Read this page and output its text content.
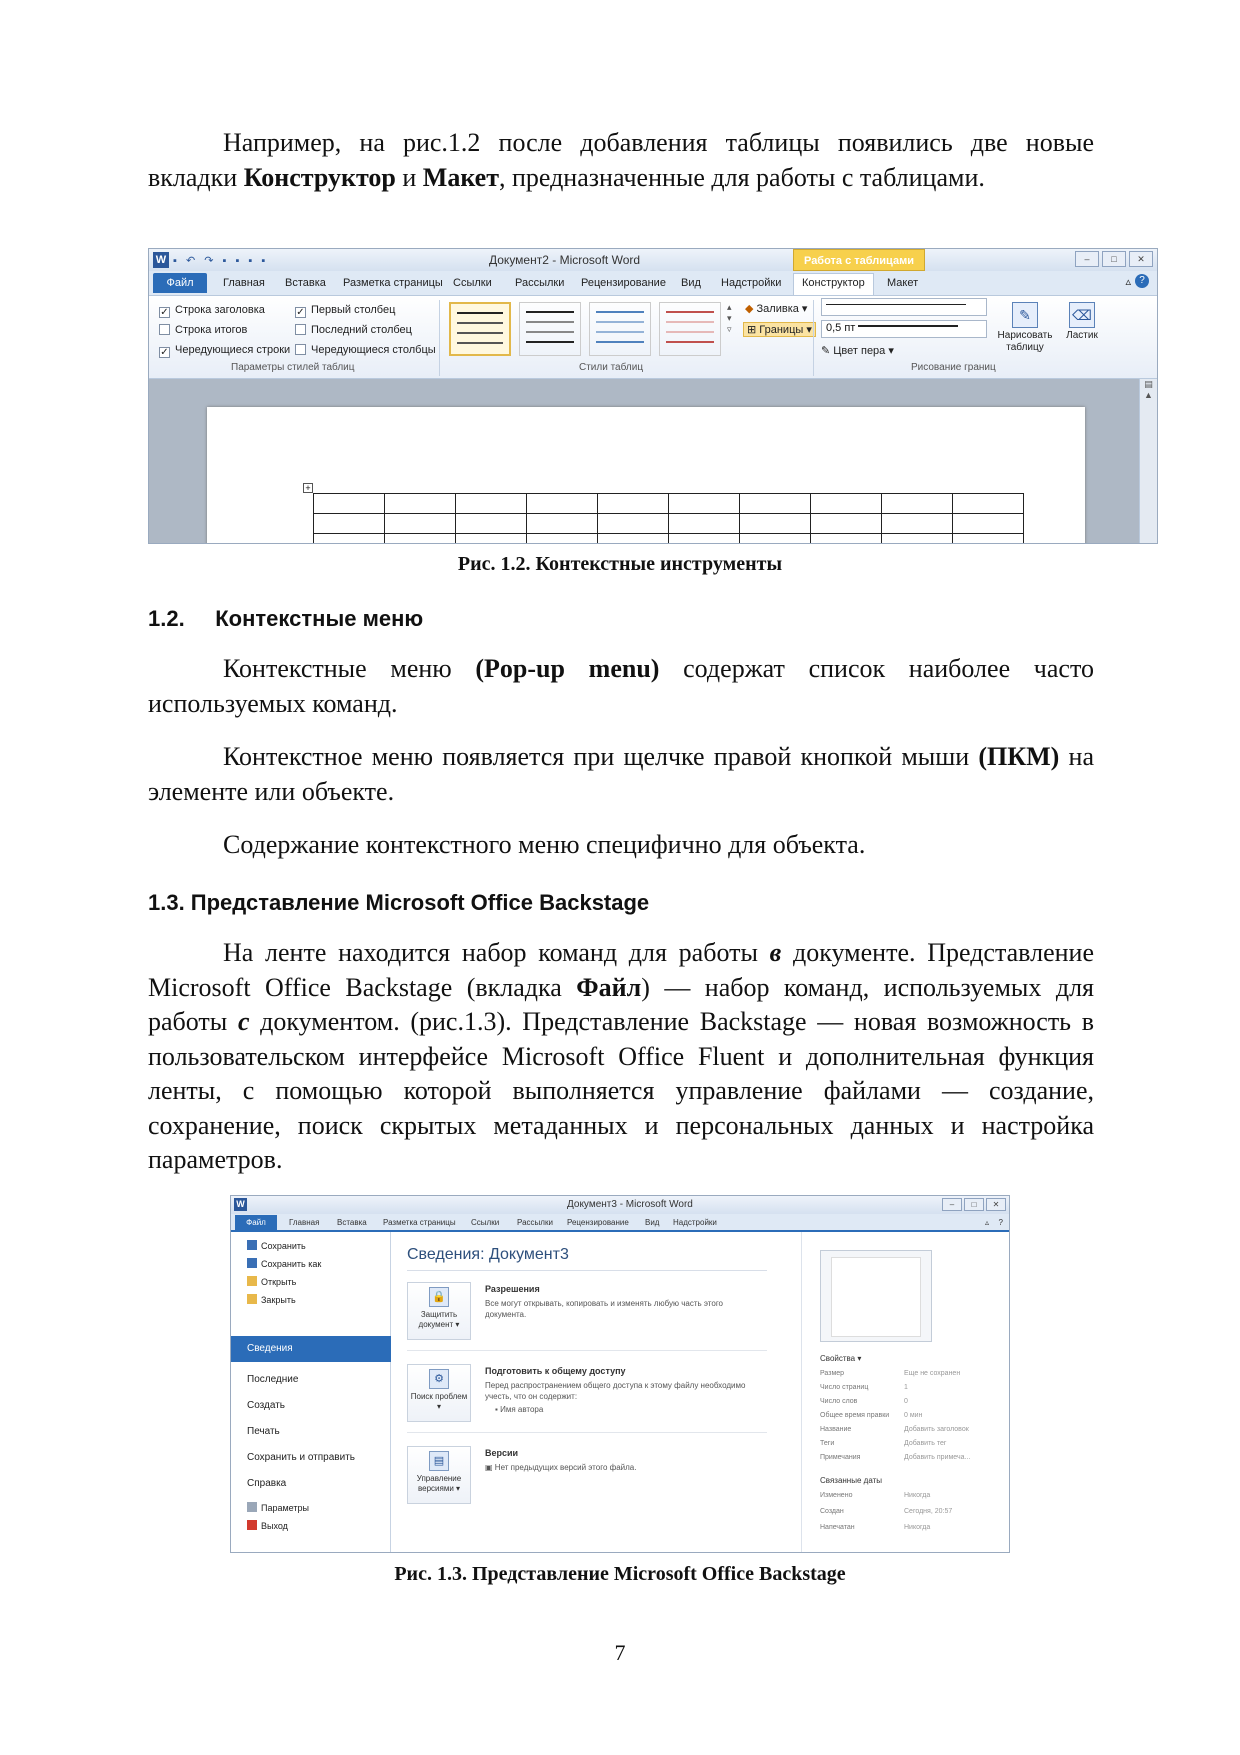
Например, на рис.1.2 после добавления таблицы появились две новые вкладки Конструктор и Макет, предназначенные для работы с таблицами.

W ▪ ↶ ↷ ▪ ▪ ▪ ▪	Документ2 - Microsoft Word	Работа с таблицами	–	□	✕
Файл	Главная Вставка Разметка страницы Ссылки Рассылки Рецензирование Вид Надстройки	Конструктор	Макет	▵ ?
✓ Строка заголовка
Строка итогов
✓ Чередующиеся строки
✓ Первый столбец
Последний столбец
Чередующиеся столбцы
Параметры стилей таблиц
▴
▾
▿
Стили таблиц
◆ Заливка ▾
⊞ Границы ▾	0,5 пт
✎ Цвет пера ▾
Рисование границ
✎
Нарисовать таблицу
⌫
Ластик
+

▤
▲
Рис. 1.2. Контекстные инструменты
1.2.     Контекстные меню

Контекстные меню (Pop-up menu) содержат список наиболее часто используемых команд.

Контекстное меню появляется при щелчке правой кнопкой мыши (ПКМ) на элементе или объекте.

Содержание контекстного меню специфично для объекта.

1.3. Представление Microsoft Office Backstage

На ленте находится набор команд для работы в документе. Представление Microsoft Office Backstage (вкладка Файл) — набор команд, используемых для работы с документом. (рис.1.3). Представление Backstage — новая возможность в пользовательском интерфейсе Microsoft Office Fluent и дополнительная функция ленты, с помощью которой выполняется управление файлами — создание, сохранение, поиск скрытых метаданных и персональных данных и настройка параметров.

W	Документ3 - Microsoft Word	–	□	✕
Файл	Главная Вставка Разметка страницы Ссылки Рассылки Рецензирование Вид Надстройки	▵ ?
Сохранить
Сохранить как
Открыть
Закрыть
Сведения
Последние
Создать
Печать
Сохранить и отправить
Справка
Параметры
Выход
Сведения: Документ3
🔒
Защитить документ ▾
Разрешения
Все могут открывать, копировать и изменять любую часть этого документа.
⚙
Поиск проблем ▾
Подготовить к общему доступу
Перед распространением общего доступа к этому файлу необходимо учесть, что он содержит:
▪ Имя автора
▤
Управление версиями ▾
Версии
▣ Нет предыдущих версий этого файла.
Свойства ▾
Размер	Еще не сохранен
Число страниц	1
Число слов	0
Общее время правки 0 мин
Название	Добавить заголовок
Теги	Добавить тег
Примечания	Добавить примеча...
Связанные даты
Изменено	Никогда
Создан	Сегодня, 20:57
Напечатан	Никогда
Рис. 1.3. Представление Microsoft Office Backstage
7
